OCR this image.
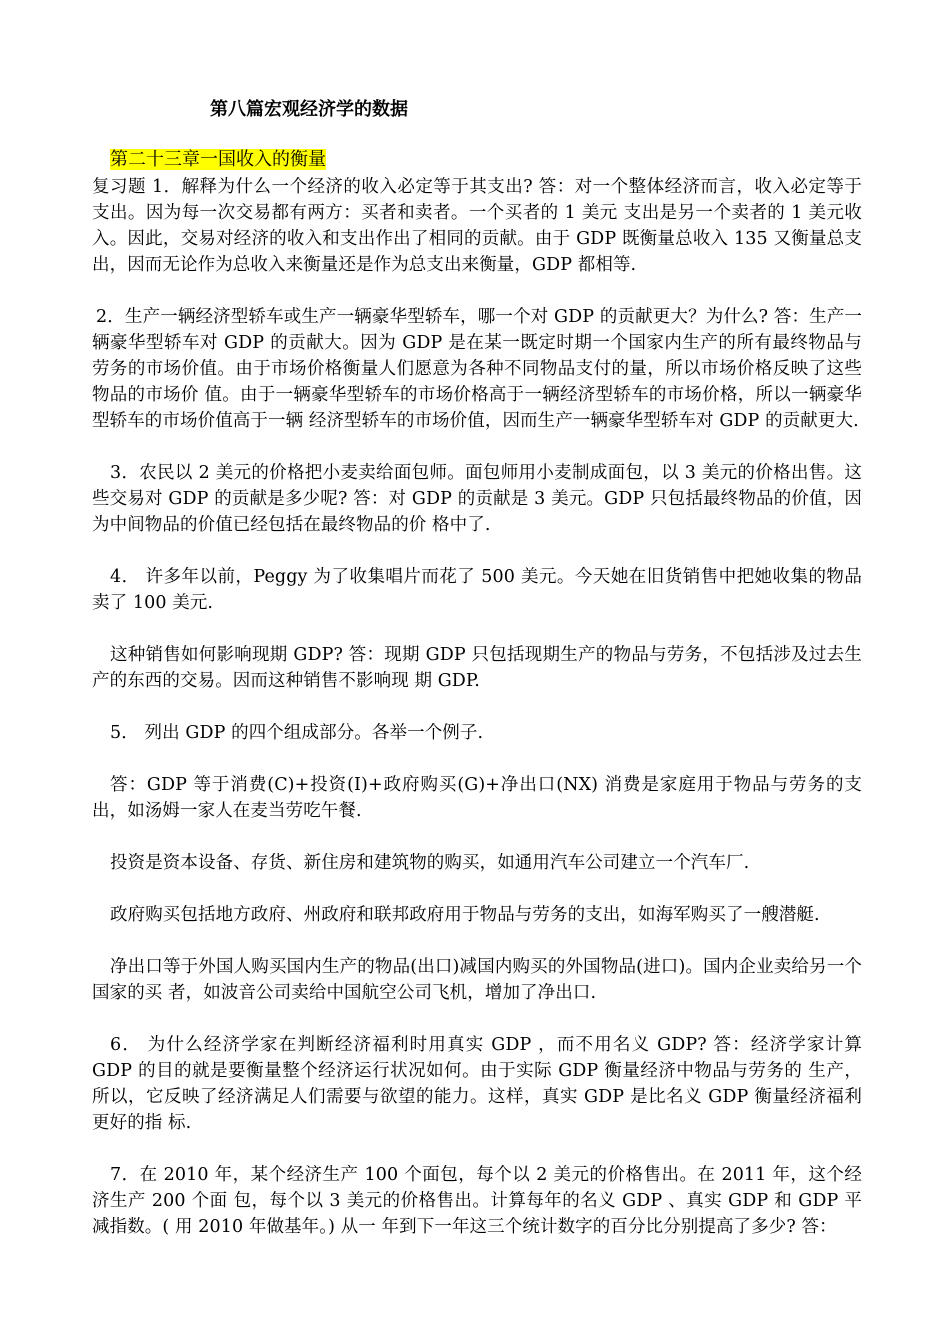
第八篇宏观经济学的数据
第二十三章一国收入的衡量

复习题 1．解释为什么一个经济的收入必定等于其支出? 答：对一个整体经济而言，收入必定等于支出。因为每一次交易都有两方：买者和卖者。一个买者的 1 美元 支出是另一个卖者的 1 美元收入。因此，交易对经济的收入和支出作出了相同的贡献。由于 GDP 既衡量总收入 135 又衡量总支出，因而无论作为总收入来衡量还是作为总支出来衡量，GDP 都相等.

2．生产一辆经济型轿车或生产一辆豪华型轿车，哪一个对 GDP 的贡献更大？为什么? 答：生产一辆豪华型轿车对 GDP 的贡献大。因为 GDP 是在某一既定时期一个国家内生产的所有最终物品与 劳务的市场价值。由于市场价格衡量人们愿意为各种不同物品支付的量，所以市场价格反映了这些物品的市场价 值。由于一辆豪华型轿车的市场价格高于一辆经济型轿车的市场价格，所以一辆豪华型轿车的市场价值高于一辆 经济型轿车的市场价值，因而生产一辆豪华型轿车对 GDP 的贡献更大.

3．农民以 2 美元的价格把小麦卖给面包师。面包师用小麦制成面包，以 3 美元的价格出售。这些交易对 GDP 的贡献是多少呢? 答：对 GDP 的贡献是 3 美元。GDP 只包括最终物品的价值，因为中间物品的价值已经包括在最终物品的价 格中了.

4． 许多年以前，Peggy 为了收集唱片而花了 500 美元。今天她在旧货销售中把她收集的物品卖了 100 美元.

这种销售如何影响现期 GDP? 答：现期 GDP 只包括现期生产的物品与劳务，不包括涉及过去生产的东西的交易。因而这种销售不影响现 期 GDP.

5． 列出 GDP 的四个组成部分。各举一个例子.

答：GDP 等于消费(C)+投资(I)+政府购买(G)+净出口(NX) 消费是家庭用于物品与劳务的支出，如汤姆一家人在麦当劳吃午餐.

投资是资本设备、存货、新住房和建筑物的购买，如通用汽车公司建立一个汽车厂.

政府购买包括地方政府、州政府和联邦政府用于物品与劳务的支出，如海军购买了一艘潜艇.

净出口等于外国人购买国内生产的物品(出口)减国内购买的外国物品(进口)。国内企业卖给另一个国家的买 者，如波音公司卖给中国航空公司飞机，增加了净出口.

6． 为什么经济学家在判断经济福利时用真实 GDP ，而不用名义 GDP? 答：经济学家计算 GDP 的目的就是要衡量整个经济运行状况如何。由于实际 GDP 衡量经济中物品与劳务的 生产，所以，它反映了经济满足人们需要与欲望的能力。这样，真实 GDP 是比名义 GDP 衡量经济福利更好的指 标.

7．在 2010 年，某个经济生产 100 个面包，每个以 2 美元的价格售出。在 2011 年，这个经济生产 200 个面 包，每个以 3 美元的价格售出。计算每年的名义 GDP 、真实 GDP 和 GDP 平减指数。( 用 2010 年做基年。) 从一 年到下一年这三个统计数字的百分比分别提高了多少? 答：
